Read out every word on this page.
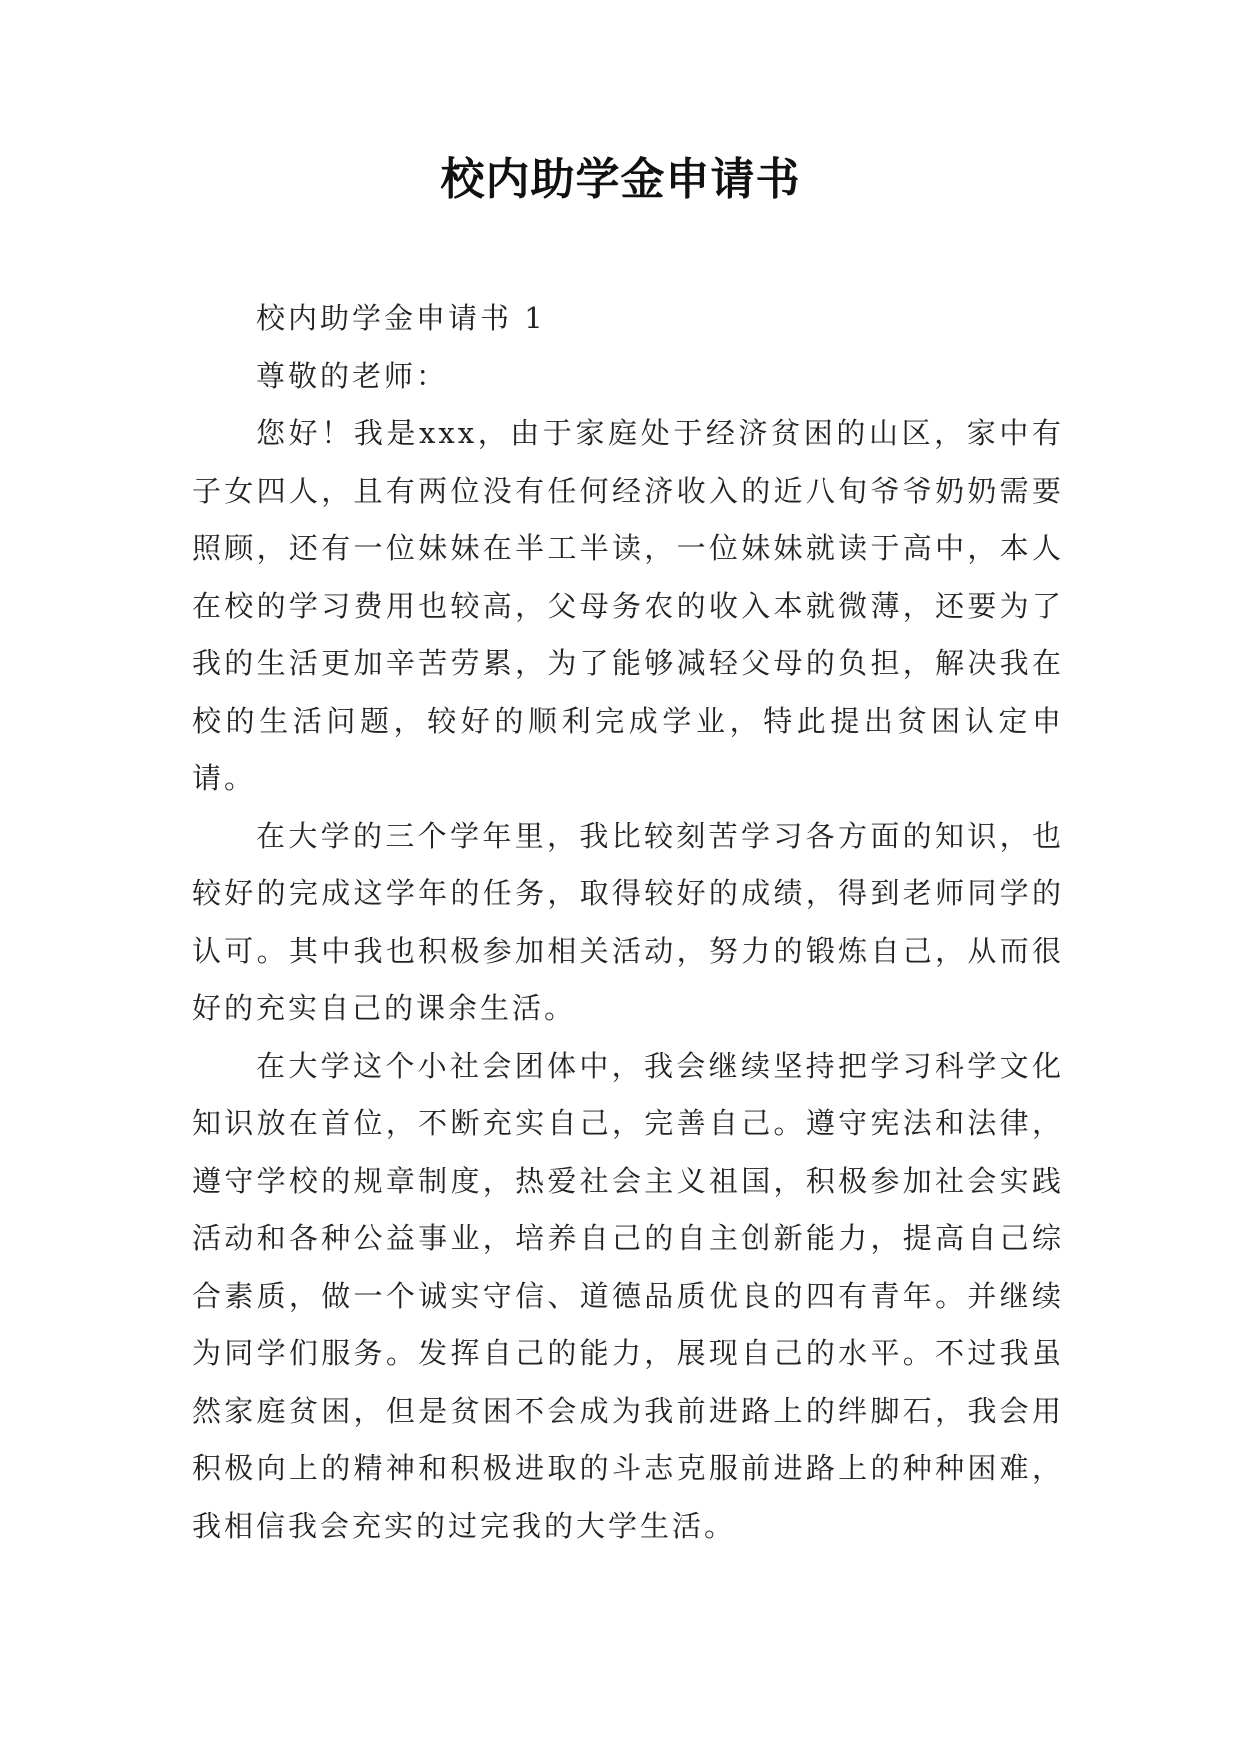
校内助学金申请书

校内助学金申请书 1

尊敬的老师：

您好！我是xxx，由于家庭处于经济贫困的山区，家中有子女四人，且有两位没有任何经济收入的近八旬爷爷奶奶需要照顾，还有一位妹妹在半工半读，一位妹妹就读于高中，本人在校的学习费用也较高，父母务农的收入本就微薄，还要为了我的生活更加辛苦劳累，为了能够减轻父母的负担，解决我在校的生活问题，较好的顺利完成学业，特此提出贫困认定申请。

在大学的三个学年里，我比较刻苦学习各方面的知识，也较好的完成这学年的任务，取得较好的成绩，得到老师同学的认可。其中我也积极参加相关活动，努力的锻炼自己，从而很好的充实自己的课余生活。

在大学这个小社会团体中，我会继续坚持把学习科学文化知识放在首位，不断充实自己，完善自己。遵守宪法和法律，遵守学校的规章制度，热爱社会主义祖国，积极参加社会实践活动和各种公益事业，培养自己的自主创新能力，提高自己综合素质，做一个诚实守信、道德品质优良的四有青年。并继续为同学们服务。发挥自己的能力，展现自己的水平。不过我虽然家庭贫困，但是贫困不会成为我前进路上的绊脚石，我会用积极向上的精神和积极进取的斗志克服前进路上的种种困难，我相信我会充实的过完我的大学生活。
